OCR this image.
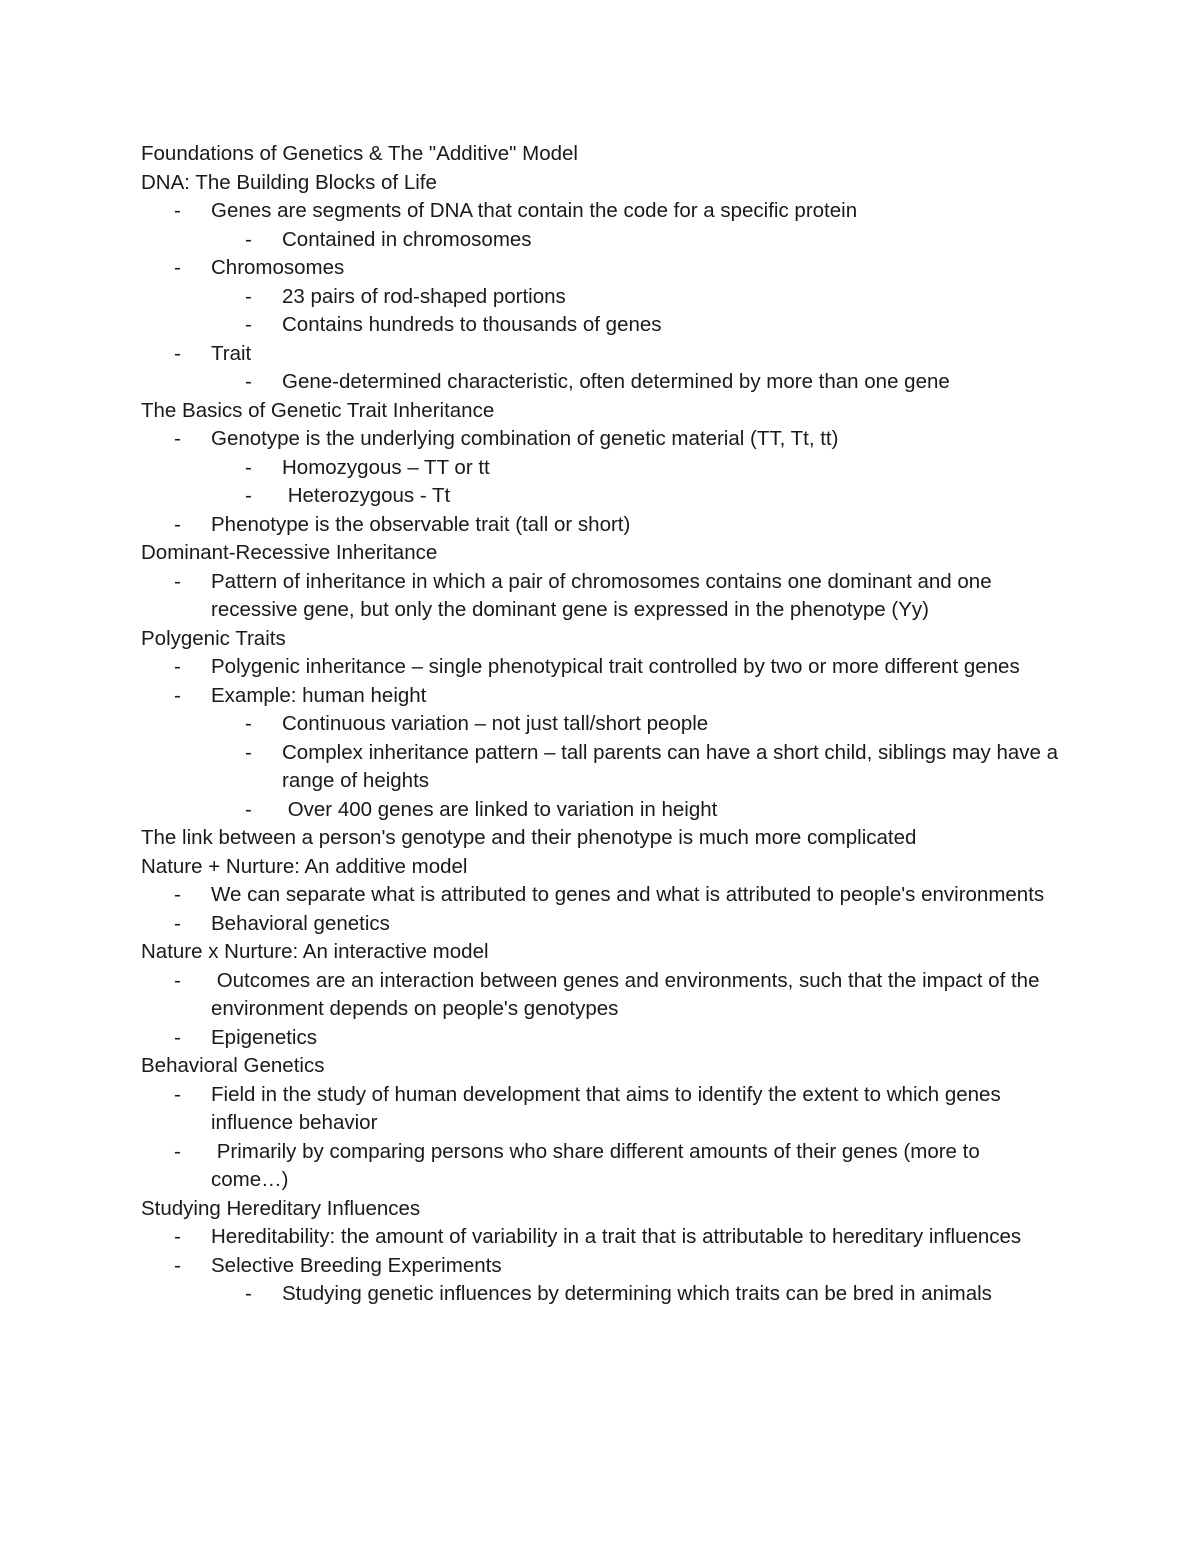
Foundations of Genetics & The "Additive" Model
DNA: The Building Blocks of Life
-	Genes are segments of DNA that contain the code for a specific protein
-	Contained in chromosomes
-	Chromosomes
-	23 pairs of rod-shaped portions
-	Contains hundreds to thousands of genes
-	Trait
-	Gene-determined characteristic, often determined by more than one gene
The Basics of Genetic Trait Inheritance
-	Genotype is the underlying combination of genetic material (TT, Tt, tt)
-	Homozygous – TT or tt
-	Heterozygous - Tt
-	Phenotype is the observable trait (tall or short)
Dominant-Recessive Inheritance
-	Pattern of inheritance in which a pair of chromosomes contains one dominant and one recessive gene, but only the dominant gene is expressed in the phenotype (Yy)
Polygenic Traits
-	Polygenic inheritance – single phenotypical trait controlled by two or more different genes
-	Example: human height
-	Continuous variation – not just tall/short people
-	Complex inheritance pattern – tall parents can have a short child, siblings may have a range of heights
-	Over 400 genes are linked to variation in height
The link between a person's genotype and their phenotype is much more complicated
Nature + Nurture: An additive model
-	We can separate what is attributed to genes and what is attributed to people's environments
-	Behavioral genetics
Nature x Nurture: An interactive model
-	Outcomes are an interaction between genes and environments, such that the impact of the environment depends on people's genotypes
-	Epigenetics
Behavioral Genetics
-	Field in the study of human development that aims to identify the extent to which genes influence behavior
-	Primarily by comparing persons who share different amounts of their genes (more to come…)
Studying Hereditary Influences
-	Hereditability: the amount of variability in a trait that is attributable to hereditary influences
-	Selective Breeding Experiments
-	Studying genetic influences by determining which traits can be bred in animals
